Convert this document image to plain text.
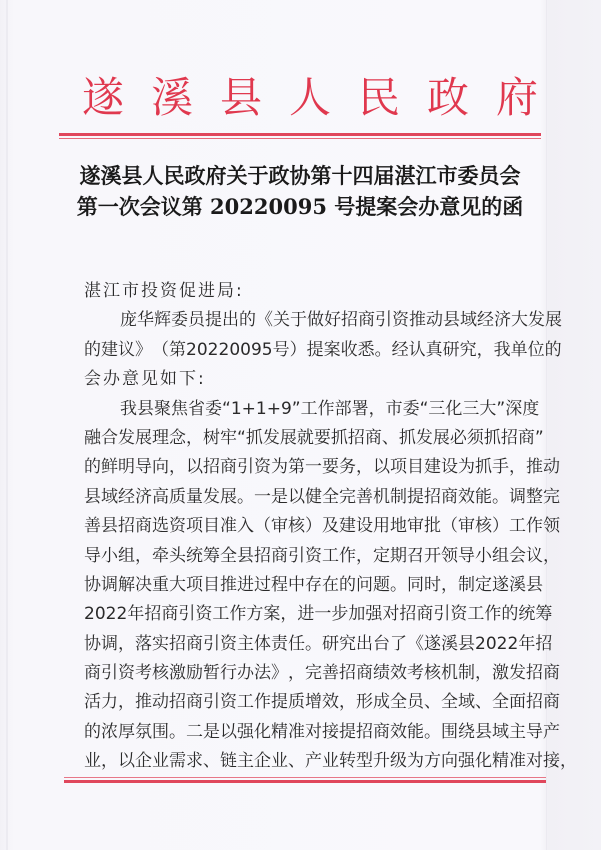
遂 溪 县 人 民 政 府
遂溪县人民政府关于政协第十四届湛江市委员会
第一次会议第 20220095 号提案会办意见的函
湛江市投资促进局:
庞 华 辉 委 员 提 出 的 《 关 于 做 好 招 商 引 资 推 动 县 域 经 济 大 发 展
的 建 议 》 （ 第 2 0 2 2 0 0 9 5 号 ） 提 案 收 悉 。 经 认 真 研 究 ， 我 单 位 的
会办意见如下:
我 县 聚 焦 省 委 “ 1 + 1 + 9 ” 工 作 部 署 ， 市 委 “ 三 化 三 大 ” 深 度
融 合 发 展 理 念 ， 树 牢 “ 抓 发 展 就 要 抓 招 商 、 抓 发 展 必 须 抓 招 商 ”
的 鲜 明 导 向 ， 以 招 商 引 资 为 第 一 要 务 ， 以 项 目 建 设 为 抓 手 ， 推 动
县 域 经 济 高 质 量 发 展 。 一 是 以 健 全 完 善 机 制 提 招 商 效 能 。 调 整 完
善 县 招 商 选 资 项 目 准 入 （ 审 核 ） 及 建 设 用 地 审 批 （ 审 核 ） 工 作 领
导 小 组 ， 牵 头 统 筹 全 县 招 商 引 资 工 作 ， 定 期 召 开 领 导 小 组 会 议 ，
协 调 解 决 重 大 项 目 推 进 过 程 中 存 在 的 问 题 。 同 时 ， 制 定 遂 溪 县
2 0 2 2 年 招 商 引 资 工 作 方 案 ， 进 一 步 加 强 对 招 商 引 资 工 作 的 统 筹
协 调 ， 落 实 招 商 引 资 主 体 责 任 。 研 究 出 台 了 《 遂 溪 县 2 0 2 2 年 招
商 引 资 考 核 激 励 暂 行 办 法 》 ， 完 善 招 商 绩 效 考 核 机 制 ， 激 发 招 商
活 力 ， 推 动 招 商 引 资 工 作 提 质 增 效 ， 形 成 全 员 、 全 域 、 全 面 招 商
的 浓 厚 氛 围 。 二 是 以 强 化 精 准 对 接 提 招 商 效 能 。 围 绕 县 域 主 导 产
业 ， 以 企 业 需 求 、 链 主 企 业 、 产 业 转 型 升 级 为 方 向 强 化 精 准 对 接 ，
